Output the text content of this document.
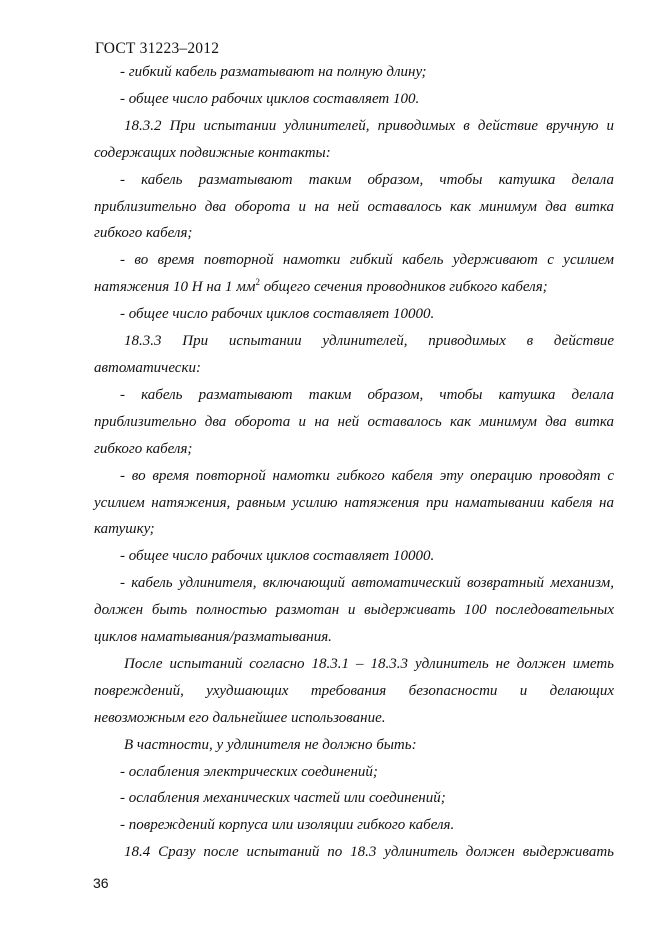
ГОСТ 31223–2012

- гибкий кабель разматывают на полную длину;

- общее число рабочих циклов составляет 100.

18.3.2 При испытании удлинителей, приводимых в действие вручную и содержащих подвижные контакты:

- кабель разматывают таким образом, чтобы катушка делала приблизительно два оборота и на ней оставалось как минимум два витка гибкого кабеля;

- во время повторной намотки гибкий кабель удерживают с усилием натяжения 10 Н на 1 $мм^2$ общего сечения проводников гибкого кабеля;

- общее число рабочих циклов составляет 10000.

18.3.3 При испытании удлинителей, приводимых в действие автоматически:

- кабель разматывают таким образом, чтобы катушка делала приблизительно два оборота и на ней оставалось как минимум два витка гибкого кабеля;

- во время повторной намотки гибкого кабеля эту операцию проводят с усилием натяжения, равным усилию натяжения при наматывании кабеля на катушку;

- общее число рабочих циклов составляет 10000.

- кабель удлинителя, включающий автоматический возвратный механизм, должен быть полностью размотан и выдерживать 100 последовательных циклов наматывания/разматывания.

После испытаний согласно 18.3.1 – 18.3.3 удлинитель не должен иметь повреждений, ухудшающих требования безопасности и делающих невозможным его дальнейшее использование.

В частности, у удлинителя не должно быть:

- ослабления электрических соединений;

- ослабления механических частей или соединений;

- повреждений корпуса или изоляции гибкого кабеля.

18.4 Сразу после испытаний по 18.3 удлинитель должен выдерживать

36
